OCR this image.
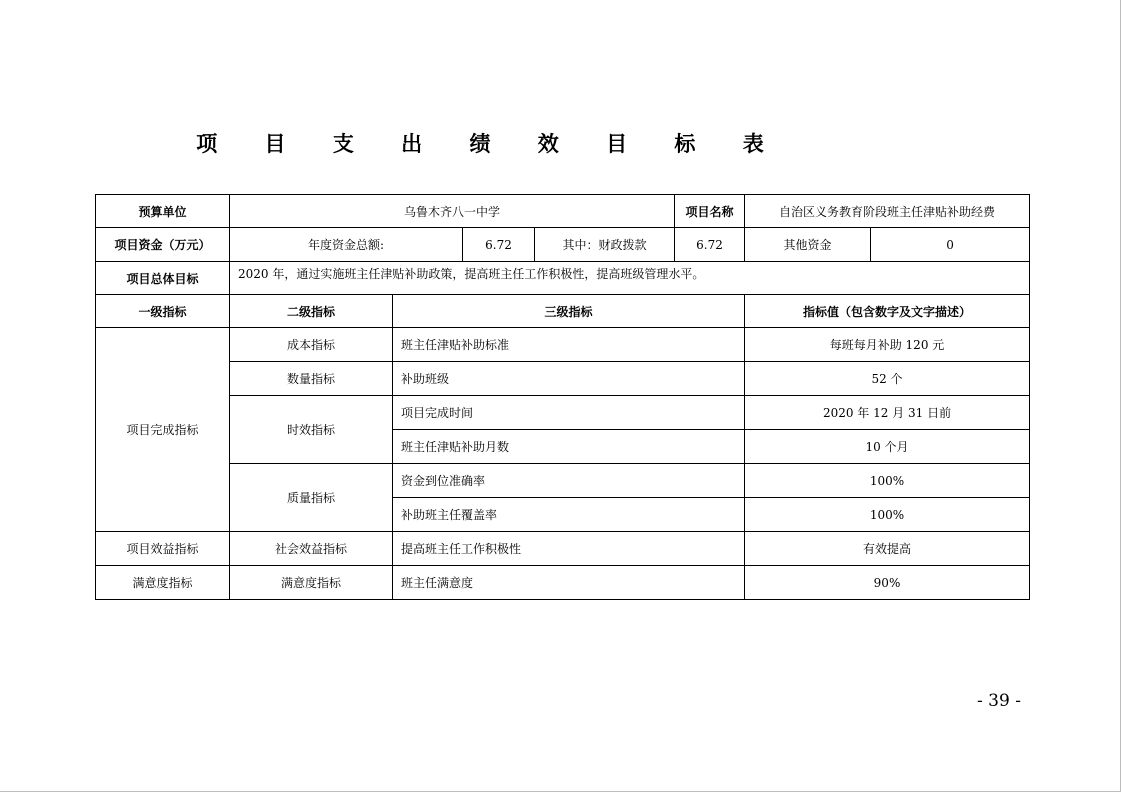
项 目 支 出 绩 效 目 标 表
预算单位	乌鲁木齐八一中学				项目名称	自治区义务教育阶段班主任津贴补助经费
项目资金（万元）	年度资金总额:		6.72	其中：财政拨款	6.72	其他资金 0

项目总体目标	2020 年，通过实施班主任津贴补助政策，提高班主任工作积极性，提高班级管理水平。					
一级指标	二级指标	三级指标				指标值（包含数字及文字描述）
项目完成指标	成本指标	班主任津贴补助标准				每班每月补助 120 元
	数量指标	补助班级				52 个
	时效指标	项目完成时间				2020 年 12 月 31 日前
		班主任津贴补助月数				10 个月
	质量指标	资金到位准确率				100%
		补助班主任覆盖率				100%
项目效益指标	社会效益指标	提高班主任工作积极性				有效提高
满意度指标	满意度指标	班主任满意度				90%
- 39 -
